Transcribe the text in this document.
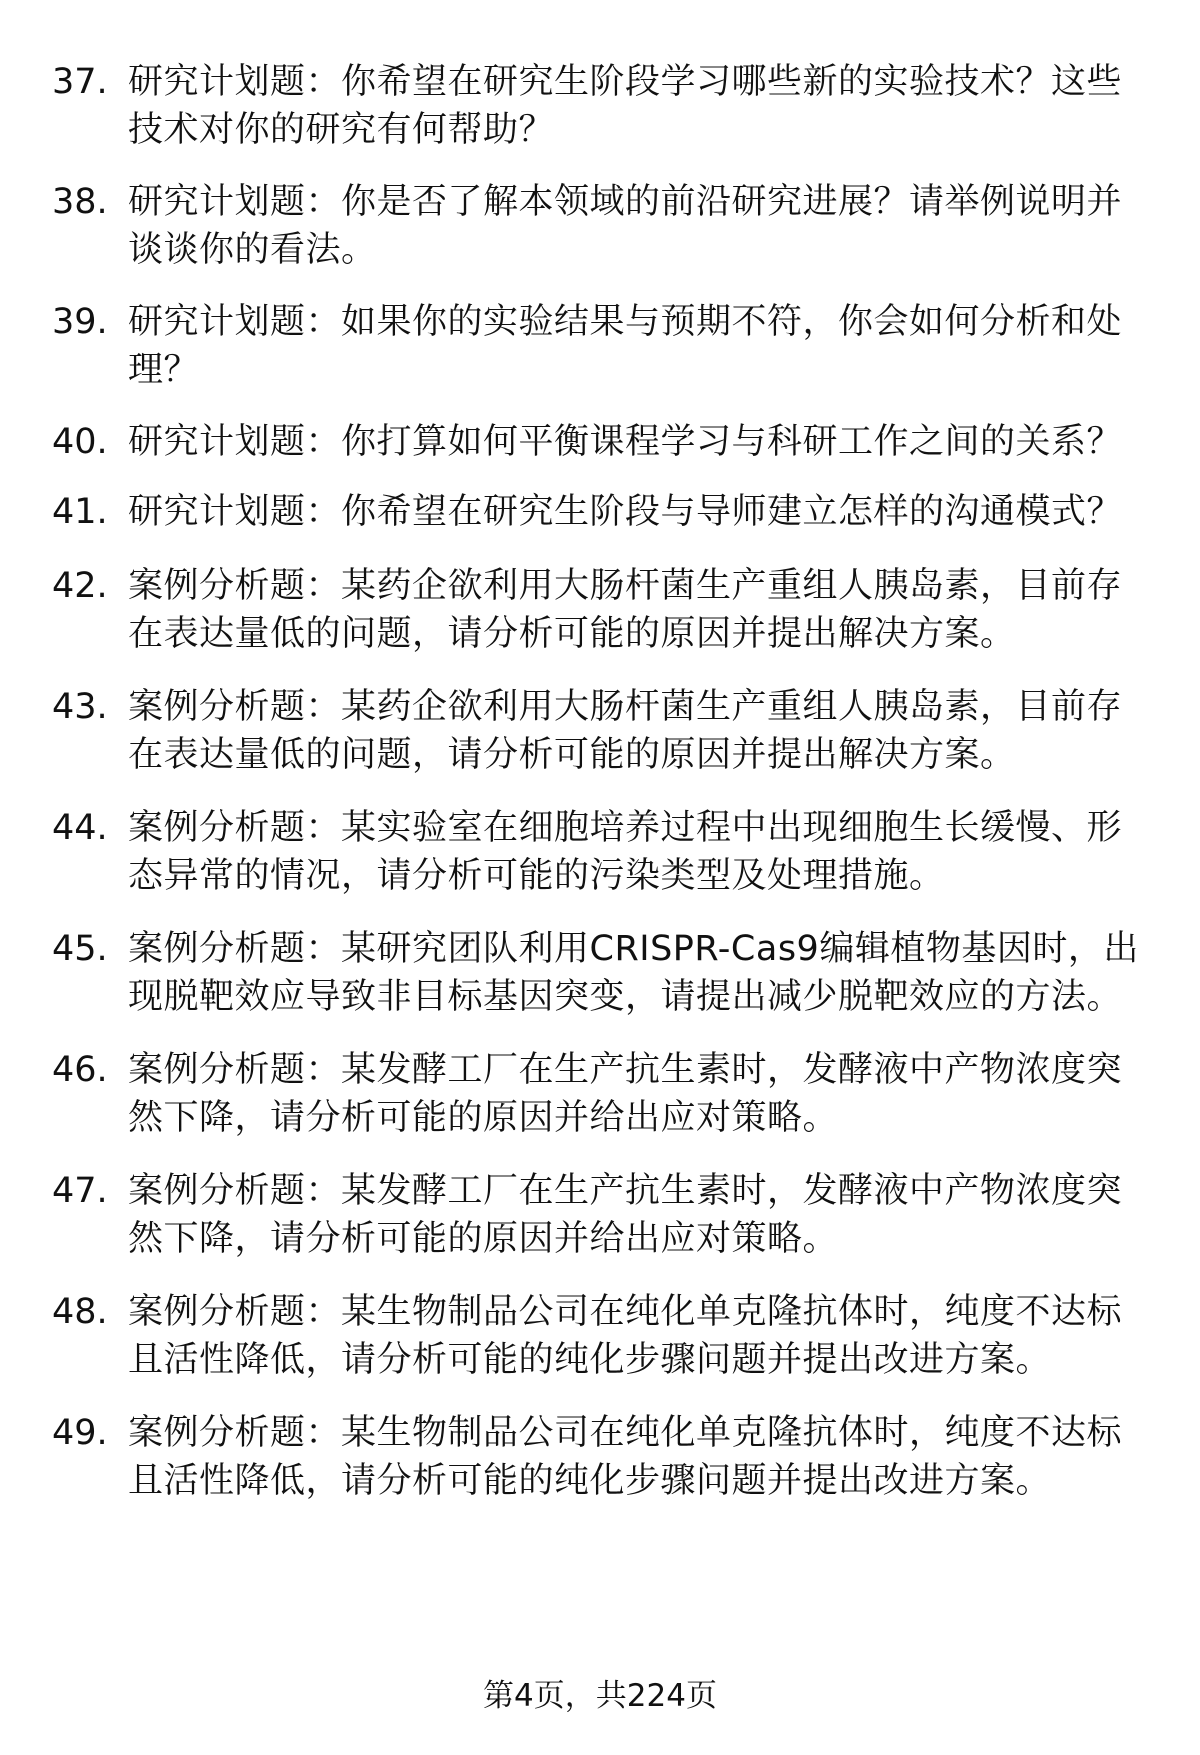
37. 研究计划题：你希望在研究生阶段学习哪些新的实验技术？这些技术对你的研究有何帮助？
38. 研究计划题：你是否了解本领域的前沿研究进展？请举例说明并谈谈你的看法。
39. 研究计划题：如果你的实验结果与预期不符，你会如何分析和处理？
40. 研究计划题：你打算如何平衡课程学习与科研工作之间的关系？
41. 研究计划题：你希望在研究生阶段与导师建立怎样的沟通模式？
42. 案例分析题：某药企欲利用大肠杆菌生产重组人胰岛素，目前存在表达量低的问题，请分析可能的原因并提出解决方案。
43. 案例分析题：某药企欲利用大肠杆菌生产重组人胰岛素，目前存在表达量低的问题，请分析可能的原因并提出解决方案。
44. 案例分析题：某实验室在细胞培养过程中出现细胞生长缓慢、形态异常的情况，请分析可能的污染类型及处理措施。
45. 案例分析题：某研究团队利用CRISPR-Cas9编辑植物基因时，出现脱靶效应导致非目标基因突变，请提出减少脱靶效应的方法。
46. 案例分析题：某发酵工厂在生产抗生素时，发酵液中产物浓度突然下降，请分析可能的原因并给出应对策略。
47. 案例分析题：某发酵工厂在生产抗生素时，发酵液中产物浓度突然下降，请分析可能的原因并给出应对策略。
48. 案例分析题：某生物制品公司在纯化单克隆抗体时，纯度不达标且活性降低，请分析可能的纯化步骤问题并提出改进方案。
49. 案例分析题：某生物制品公司在纯化单克隆抗体时，纯度不达标且活性降低，请分析可能的纯化步骤问题并提出改进方案。
第4页，共224页
